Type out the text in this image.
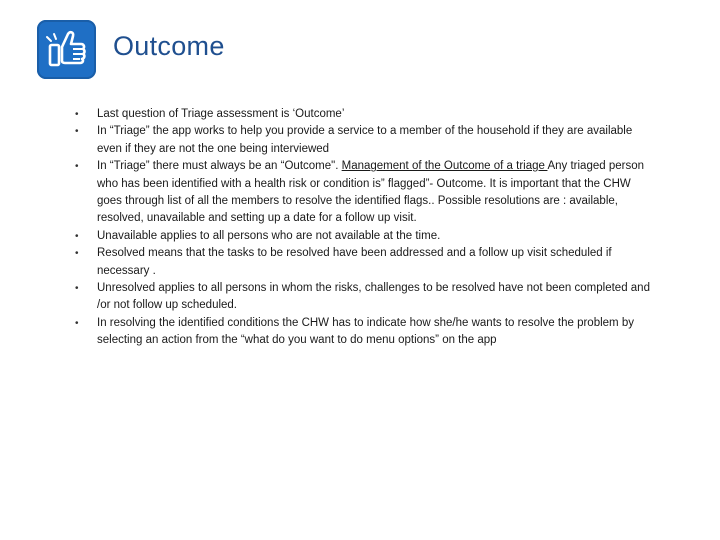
Outcome
• Last question of Triage assessment is ‘Outcome’
• In “Triage” the app works to help you provide a service to a member of the household if they are available even if they are not the one being interviewed
• In “Triage” there must always be an “Outcome". Management of the Outcome of a triage Any triaged person who has been identified with a health risk or condition is” flagged”- Outcome. It is important that the CHW goes through list of all the members to resolve the identified flags.. Possible resolutions are : available, resolved, unavailable and setting up a date for a follow up visit.
• Unavailable applies to all persons who are not available at the time.
• Resolved means that the tasks to be resolved have been addressed and a follow up visit scheduled if necessary .
• Unresolved applies to all persons in whom the risks, challenges to be resolved have not been completed and /or not follow up scheduled.
• In resolving the identified conditions the CHW has to indicate how she/he wants to resolve the problem by selecting an action from the “what do you want to do menu options” on the app
